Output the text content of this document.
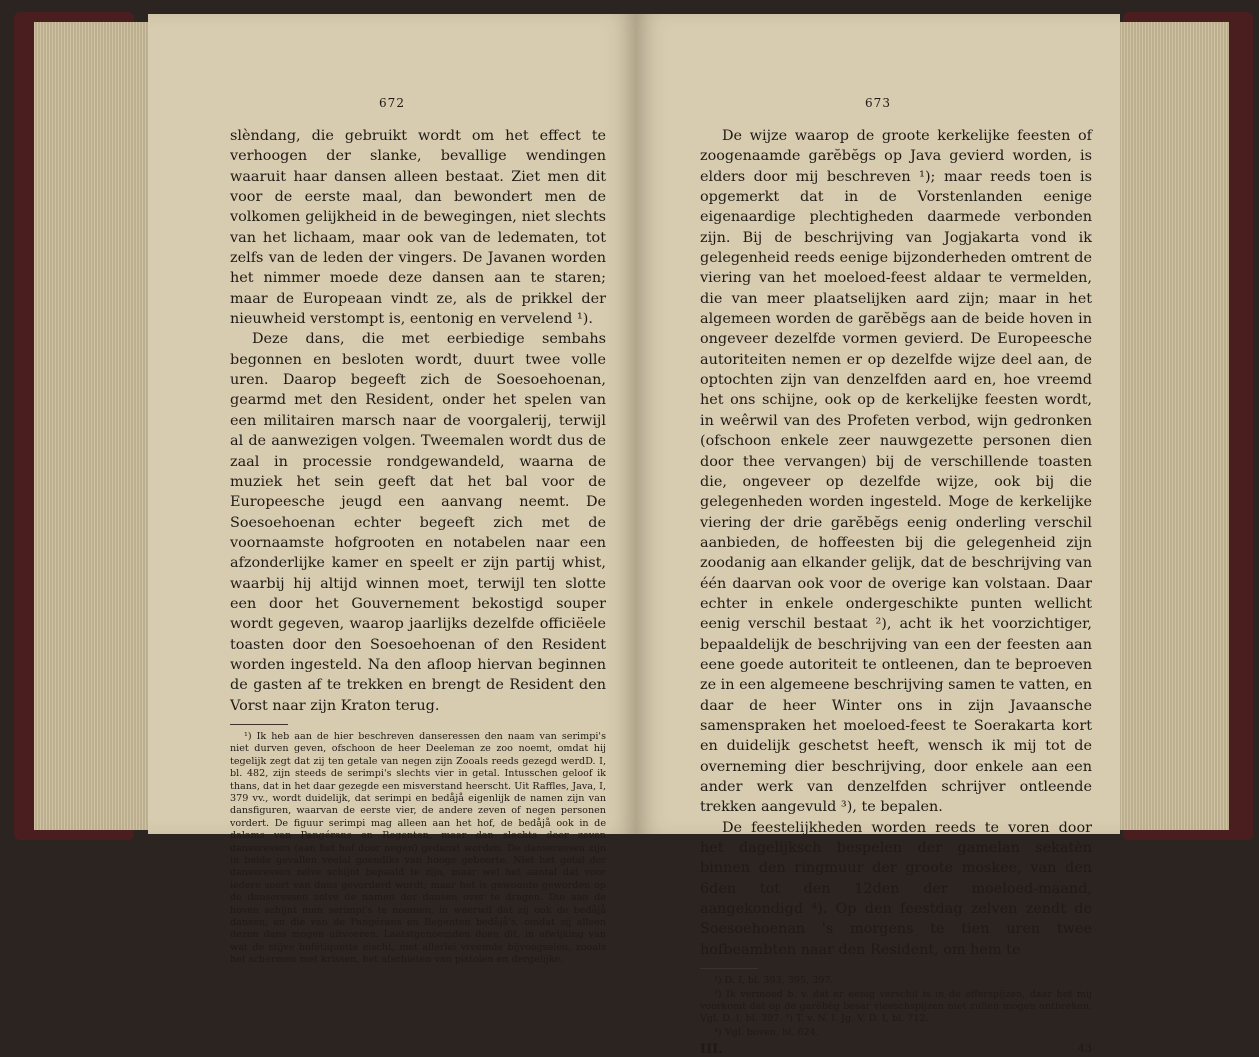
672

slèndang, die gebruikt wordt om het effect te verhoogen der slanke, bevallige wendingen waaruit haar dansen alleen bestaat. Ziet men dit voor de eerste maal, dan bewondert men de volkomen gelijkheid in de bewegingen, niet slechts van het lichaam, maar ook van de ledematen, tot zelfs van de leden der vingers. De Javanen worden het nimmer moede deze dansen aan te staren; maar de Europeaan vindt ze, als de prikkel der nieuwheid verstompt is, eentonig en vervelend ¹).

Deze dans, die met eerbiedige sembahs begonnen en besloten wordt, duurt twee volle uren. Daarop begeeft zich de Soesoehoenan, gearmd met den Resident, onder het spelen van een militairen marsch naar de voorgalerij, terwijl al de aanwezigen volgen. Tweemalen wordt dus de zaal in processie rondgewandeld, waarna de muziek het sein geeft dat het bal voor de Europeesche jeugd een aanvang neemt. De Soesoehoenan echter begeeft zich met de voornaamste hofgrooten en notabelen naar een afzonderlijke kamer en speelt er zijn partij whist, waarbij hij altijd winnen moet, terwijl ten slotte een door het Gouvernement bekostigd souper wordt gegeven, waarop jaarlijks dezelfde officiëele toasten door den Soesoehoenan of den Resident worden ingesteld. Na den afloop hiervan beginnen de gasten af te trekken en brengt de Resident den Vorst naar zijn Kraton terug.

¹) Ik heb aan de hier beschreven danseressen den naam van serimpi's niet durven geven, ofschoon de heer Deeleman ze zoo noemt, omdat hij tegelijk zegt dat zij ten getale van negen zijn Zooals reeds gezegd werdD. I, bl. 482, zijn steeds de serimpi's slechts vier in getal. Intusschen geloof ik thans, dat in het daar gezegde een misverstand heerscht. Uit Raffles, Java, I, 379 vv., wordt duidelijk, dat serimpi en bedåjå eigenlijk de namen zijn van dansfiguren, waarvan de eerste vier, de andere zeven of negen personen vordert. De figuur serimpi mag alleen aan het hof, de bedåjå ook in de dalams van Pangérans en Regenten, maar dan slechts door zeven danseressen (aan het hof door negen) gedanst worden. De danseressen zijn in beide gevallen veelal goendiks van hooge geboorte. Niet het getal der danseressen zelve schijnt bepaald te zijn, maar wel het aantal dat voor iedere soort van dans gevorderd wordt; maar het is gewoonte geworden op de danseressen zelve de namen der dansen over te dragen. Die aan de hoven schijnt men serimpi's te noemen, in weerwil dat zij ook de bedåjå dansen, en die van de Pangérans en Regenten bedåjå's, omdat zij alleen dezen dans mogen uitvoeren. Laatstgenoemden doen dit, in afwijking van wat de stijve hofétiquette eischt, met allerlei vreemde bijvoegselen, zooals het schermen met krissen, het afschieten van pistolen en dergelijke.

673

De wijze waarop de groote kerkelijke feesten of zoogenaamde garĕbĕgs op Java gevierd worden, is elders door mij beschreven ¹); maar reeds toen is opgemerkt dat in de Vorstenlanden eenige eigenaardige plechtigheden daarmede verbonden zijn. Bij de beschrijving van Jogjakarta vond ik gelegenheid reeds eenige bijzonderheden omtrent de viering van het moeloed-feest aldaar te vermelden, die van meer plaatselijken aard zijn; maar in het algemeen worden de garĕbĕgs aan de beide hoven in ongeveer dezelfde vormen gevierd. De Europeesche autoriteiten nemen er op dezelfde wijze deel aan, de optochten zijn van denzelfden aard en, hoe vreemd het ons schijne, ook op de kerkelijke feesten wordt, in weêrwil van des Profeten verbod, wijn gedronken (ofschoon enkele zeer nauwgezette personen dien door thee vervangen) bij de verschillende toasten die, ongeveer op dezelfde wijze, ook bij die gelegenheden worden ingesteld. Moge de kerkelijke viering der drie garĕbĕgs eenig onderling verschil aanbieden, de hoffeesten bij die gelegenheid zijn zoodanig aan elkander gelijk, dat de beschrijving van één daarvan ook voor de overige kan volstaan. Daar echter in enkele ondergeschikte punten wellicht eenig verschil bestaat ²), acht ik het voorzichtiger, bepaaldelijk de beschrijving van een der feesten aan eene goede autoriteit te ontleenen, dan te beproeven ze in een algemeene beschrijving samen te vatten, en daar de heer Winter ons in zijn Javaansche samenspraken het moeloed-feest te Soerakarta kort en duidelijk geschetst heeft, wensch ik mij tot de overneming dier beschrijving, door enkele aan een ander werk van denzelfden schrijver ontleende trekken aangevuld ³), te bepalen.

De feestelijkheden worden reeds te voren door het dagelijksch bespelen der gamelan sekatèn binnen den ringmuur der groote moskee, van den 6den tot den 12den der moeloed-maand, aangekondigd ⁴). Op den feestdag zelven zendt de Soesoehoenan 's morgens te tien uren twee hofbeambten naar den Resident, om hem te

¹) D. I, bl. 393, 395, 397.

²) Ik vermoed b. v. dat er eenig verschil is in de offerspijzen, daar het mij voorkomt dat op de garĕbĕg besar vleeschspijzen niet zullen mogen ontbreken. Vgl. D. I, bl. 397. ³) T. v. N. I. Jg. V. D. I, bl. 712.

⁴) Vgl. boven, bl. 624.

III.	43
